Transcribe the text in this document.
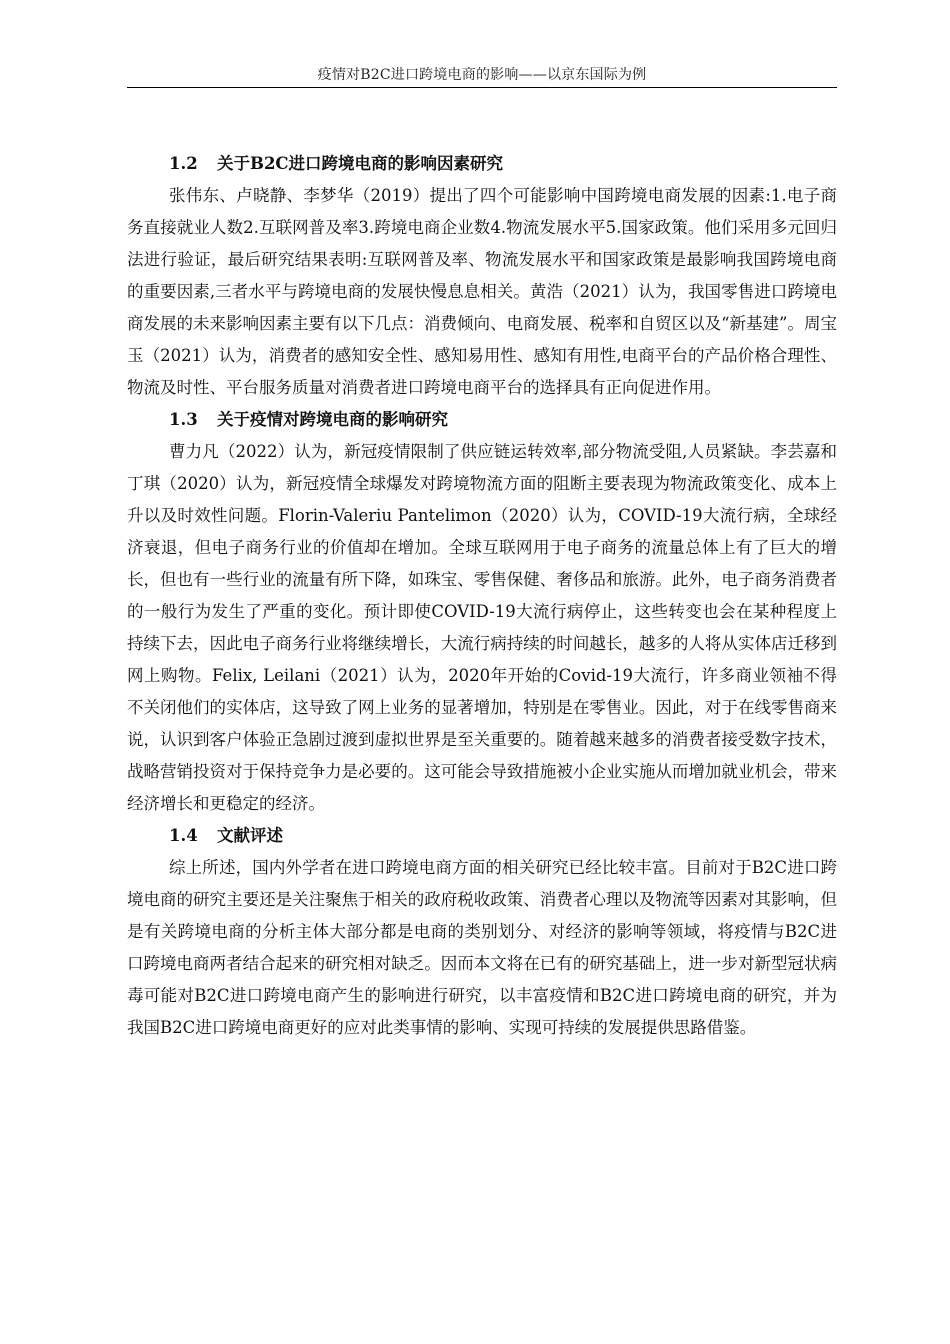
疫情对B2C进口跨境电商的影响——以京东国际为例
1.2 关于B2C进口跨境电商的影响因素研究

张伟东、卢晓静、李梦华（2019）提出了四个可能影响中国跨境电商发展的因素:1.电子商务直接就业人数2.互联网普及率3.跨境电商企业数4.物流发展水平5.国家政策。他们采用多元回归法进行验证，最后研究结果表明:互联网普及率、物流发展水平和国家政策是最影响我国跨境电商的重要因素,三者水平与跨境电商的发展快慢息息相关。黄浩（2021）认为，我国零售进口跨境电商发展的未来影响因素主要有以下几点：消费倾向、电商发展、税率和自贸区以及“新基建”。周宝玉（2021）认为，消费者的感知安全性、感知易用性、感知有用性,电商平台的产品价格合理性、物流及时性、平台服务质量对消费者进口跨境电商平台的选择具有正向促进作用。

1.3 关于疫情对跨境电商的影响研究

曹力凡（2022）认为，新冠疫情限制了供应链运转效率,部分物流受阻,人员紧缺。李芸嘉和丁琪（2020）认为，新冠疫情全球爆发对跨境物流方面的阻断主要表现为物流政策变化、成本上升以及时效性问题。Florin-Valeriu Pantelimon（2020）认为，COVID-19大流行病，全球经济衰退，但电子商务行业的价值却在增加。全球互联网用于电子商务的流量总体上有了巨大的增长，但也有一些行业的流量有所下降，如珠宝、零售保健、奢侈品和旅游。此外，电子商务消费者的一般行为发生了严重的变化。预计即使COVID-19大流行病停止，这些转变也会在某种程度上持续下去，因此电子商务行业将继续增长，大流行病持续的时间越长，越多的人将从实体店迁移到网上购物。Felix, Leilani（2021）认为，2020年开始的Covid-19大流行，许多商业领袖不得不关闭他们的实体店，这导致了网上业务的显著增加，特别是在零售业。因此，对于在线零售商来说，认识到客户体验正急剧过渡到虚拟世界是至关重要的。随着越来越多的消费者接受数字技术，战略营销投资对于保持竞争力是必要的。这可能会导致措施被小企业实施从而增加就业机会，带来经济增长和更稳定的经济。

1.4 文献评述

综上所述，国内外学者在进口跨境电商方面的相关研究已经比较丰富。目前对于B2C进口跨境电商的研究主要还是关注聚焦于相关的政府税收政策、消费者心理以及物流等因素对其影响，但是有关跨境电商的分析主体大部分都是电商的类别划分、对经济的影响等领域，将疫情与B2C进口跨境电商两者结合起来的研究相对缺乏。因而本文将在已有的研究基础上，进一步对新型冠状病毒可能对B2C进口跨境电商产生的影响进行研究，以丰富疫情和B2C进口跨境电商的研究，并为我国B2C进口跨境电商更好的应对此类事情的影响、实现可持续的发展提供思路借鉴。
